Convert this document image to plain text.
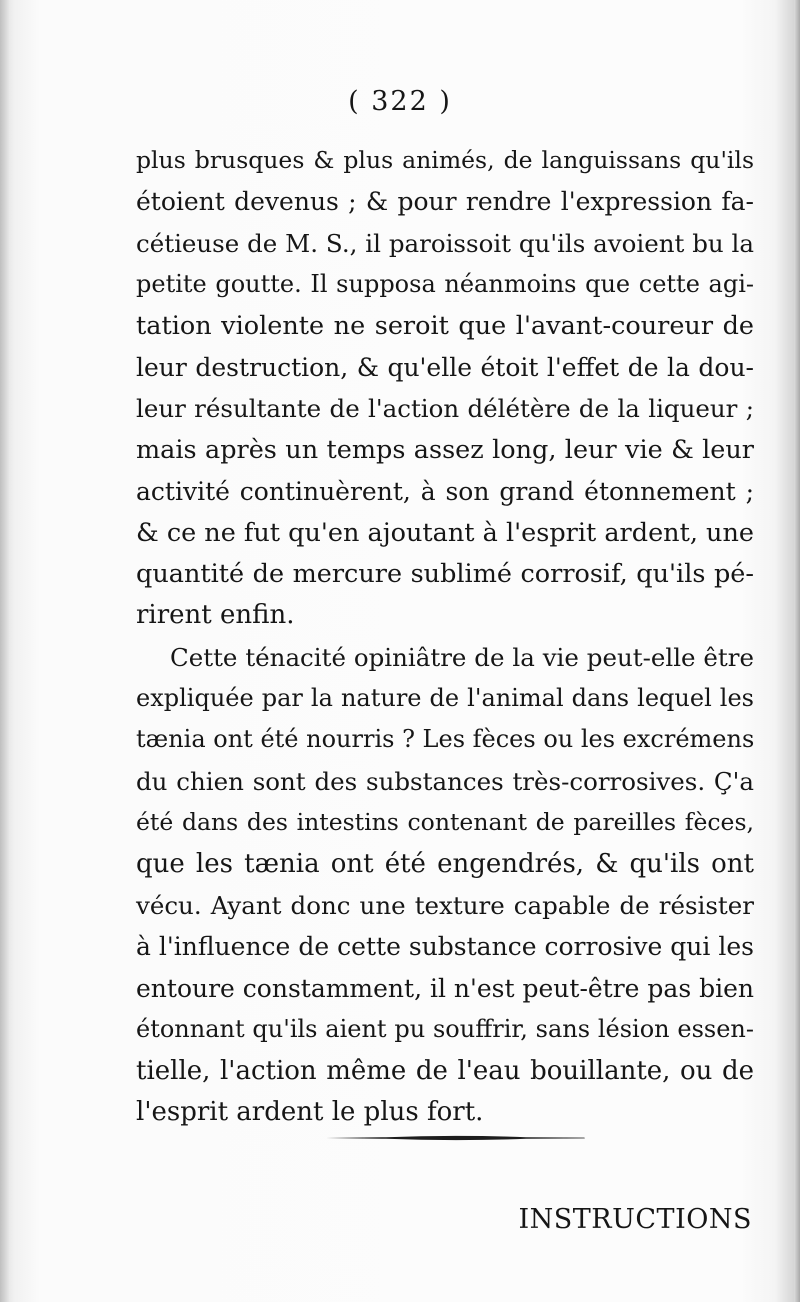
( 322 )
plus brusques & plus animés, de languissans qu'ils
étoient devenus ; & pour rendre l'expression fa-
cétieuse de M. S., il paroissoit qu'ils avoient bu la
petite goutte. Il supposa néanmoins que cette agi-
tation violente ne seroit que l'avant-coureur de
leur destruction, & qu'elle étoit l'effet de la dou-
leur résultante de l'action délétère de la liqueur ;
mais après un temps assez long, leur vie & leur
activité continuèrent, à son grand étonnement ;
& ce ne fut qu'en ajoutant à l'esprit ardent, une
quantité de mercure sublimé corrosif, qu'ils pé-
rirent enfin.
Cette ténacité opiniâtre de la vie peut-elle être
expliquée par la nature de l'animal dans lequel les
tænia ont été nourris ? Les fèces ou les excrémens
du chien sont des substances très-corrosives. Ç'a
été dans des intestins contenant de pareilles fèces,
que les tænia ont été engendrés, & qu'ils ont
vécu. Ayant donc une texture capable de résister
à l'influence de cette substance corrosive qui les
entoure constamment, il n'est peut-être pas bien
étonnant qu'ils aient pu souffrir, sans lésion essen-
tielle, l'action même de l'eau bouillante, ou de
l'esprit ardent le plus fort.
INSTRUCTIONS
